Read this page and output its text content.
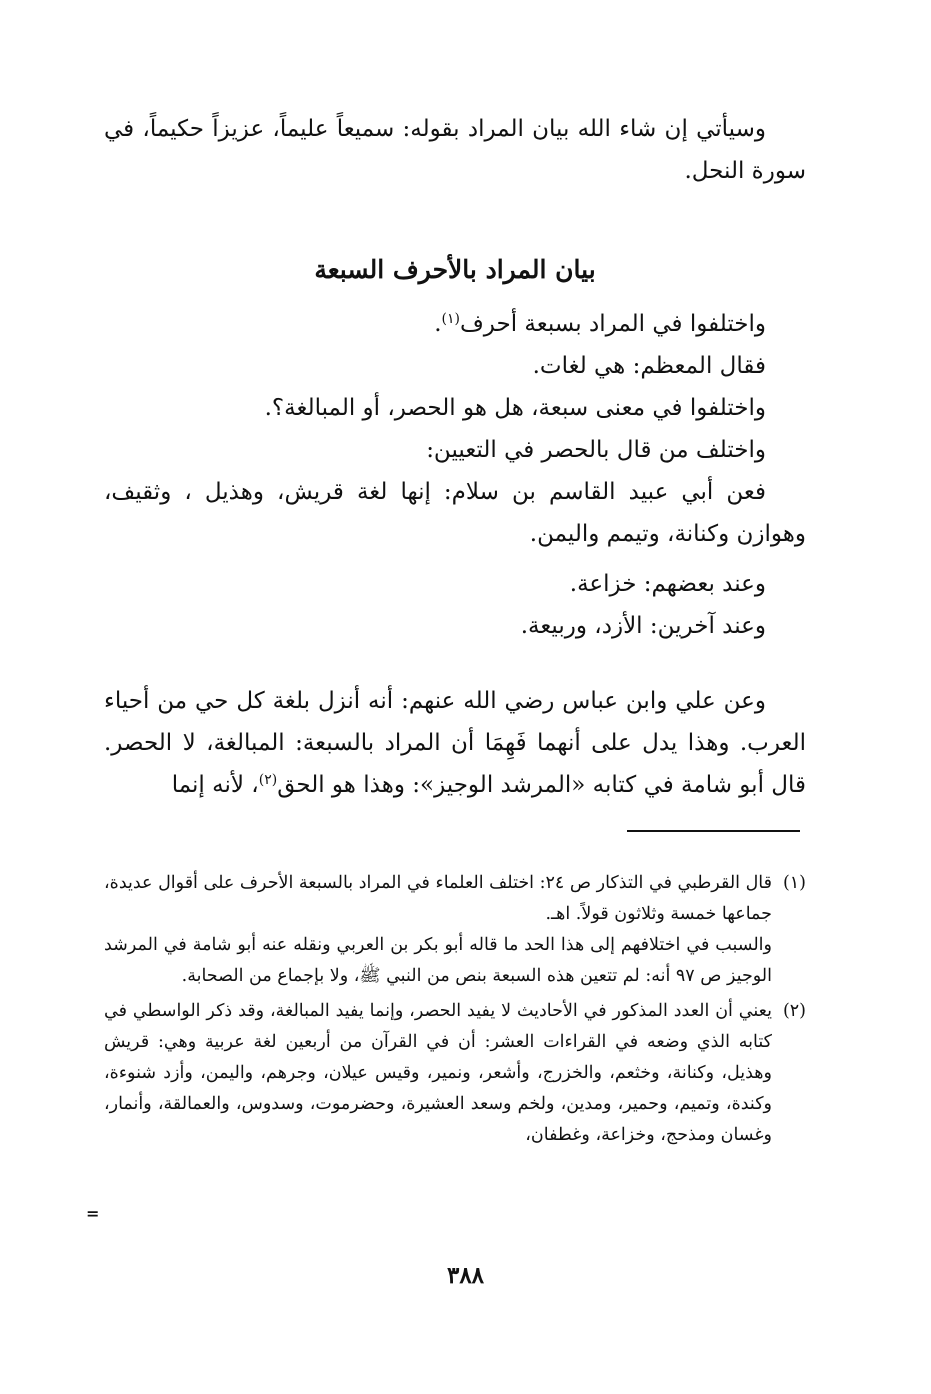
وسيأتي إن شاء الله بيان المراد بقوله: سميعاً عليماً، عزيزاً حكيماً، في سورة النحل.

بيان المراد بالأحرف السبعة

واختلفوا في المراد بسبعة أحرف$^{(١)}$.

فقال المعظم: هي لغات.

واختلفوا في معنى سبعة، هل هو الحصر، أو المبالغة؟.

واختلف من قال بالحصر في التعيين:

فعن أبي عبيد القاسم بن سلام: إنها لغة قريش، وهذيل ، وثقيف، وهوازن وكنانة، وتيمم واليمن.

وعند بعضهم: خزاعة.

وعند آخرين: الأزد، وربيعة.

وعن علي وابن عباس رضي الله عنهم: أنه أنزل بلغة كل حي من أحياء العرب. وهذا يدل على أنهما فَهِمَا أن المراد بالسبعة: المبالغة، لا الحصر. قال أبو شامة في كتابه «المرشد الوجيز»: وهذا هو الحق$^{(٢)}$، لأنه إنما

(١)

قال القرطبي في التذكار ص ٢٤: اختلف العلماء في المراد بالسبعة الأحرف على أقوال عديدة، جماعها خمسة وثلاثون قولاً. اهـ.

والسبب في اختلافهم إلى هذا الحد ما قاله أبو بكر بن العربي ونقله عنه أبو شامة في المرشد الوجيز ص ٩٧ أنه: لم تتعين هذه السبعة بنص من النبي ﷺ، ولا بإجماع من الصحابة.

(٢)

يعني أن العدد المذكور في الأحاديث لا يفيد الحصر، وإنما يفيد المبالغة، وقد ذكر الواسطي في كتابه الذي وضعه في القراءات العشر: أن في القرآن من أربعين لغة عربية وهي: قريش وهذيل، وكنانة، وخثعم، والخزرج، وأشعر، ونمير، وقيس عيلان، وجرهم، واليمن، وأزد شنوءة، وكندة، وتميم، وحمير، ومدين، ولخم وسعد العشيرة، وحضرموت، وسدوس، والعمالقة، وأنمار، وغسان ومذحج، وخزاعة، وغطفان،

=
٣٨٨
